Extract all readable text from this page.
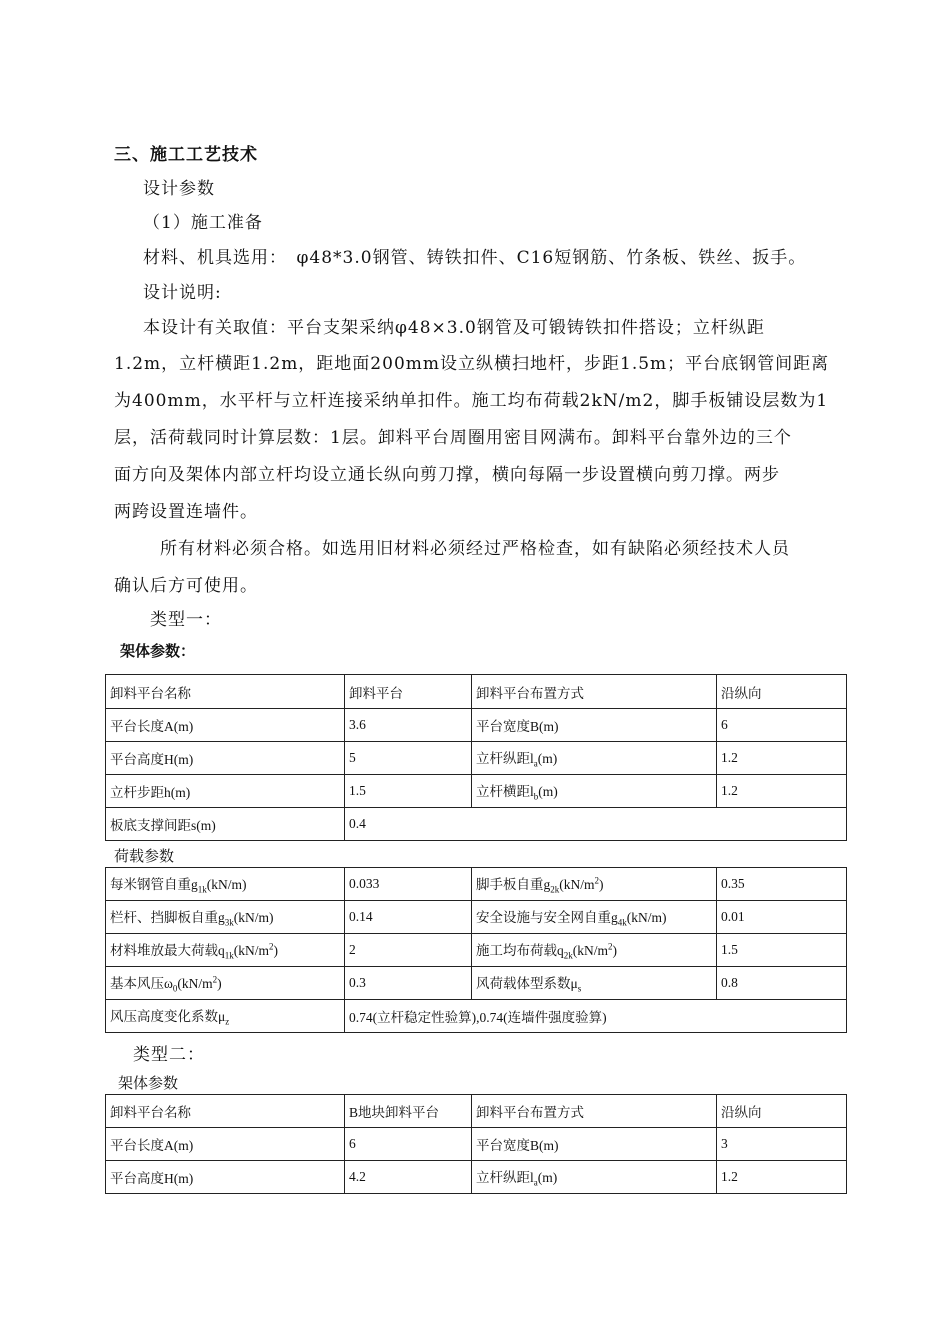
三、施工工艺技术
设计参数
（1）施工准备
材料、机具选用：　φ48*3.0钢管、铸铁扣件、C16短钢筋、竹条板、铁丝、扳手。
设计说明:
本设计有关取值：平台支架采纳φ48×3.0钢管及可锻铸铁扣件搭设；立杆纵距
1.2m，立杆横距1.2m，距地面200mm设立纵横扫地杆，步距1.5m；平台底钢管间距离
为400mm，水平杆与立杆连接采纳单扣件。施工均布荷载2kN/m2，脚手板铺设层数为1
层，活荷载同时计算层数：1层。卸料平台周圈用密目网满布。卸料平台靠外边的三个
面方向及架体内部立杆均设立通长纵向剪刀撑，横向每隔一步设置横向剪刀撑。两步
两跨设置连墙件。
所有材料必须合格。如选用旧材料必须经过严格检查，如有缺陷必须经技术人员
确认后方可使用。
类型一：
架体参数：
卸料平台名称	卸料平台	卸料平台布置方式	沿纵向
平台长度A(m)	3.6	平台宽度B(m)	6
平台高度H(m)	5	立杆纵距$l_a(m)$	1.2
立杆步距h(m)	1.5	立杆横距$l_b(m)$	1.2
板底支撑间距s(m)	0.4		
荷载参数
每米钢管自重$g_{1k}(kN/m)$	0.033	脚手板自重$g_{2k}(kN/m^2)$	0.35
栏杆、挡脚板自重$g_{3k}(kN/m)$	0.14	安全设施与安全网自重$g_{4k}(kN/m)$	0.01
材料堆放最大荷载$q_{1k}(kN/m^2)$	2	施工均布荷载$q_{2k}(kN/m^2)$	1.5
基本风压$\omega_0(kN/m^2)$	0.3	风荷载体型系数$\mu_s$	0.8
风压高度变化系数$\mu_z$	0.74(立杆稳定性验算),0.74(连墙件强度验算)		
类型二：
架体参数
卸料平台名称	B地块卸料平台	卸料平台布置方式	沿纵向
平台长度A(m)	6	平台宽度B(m)	3
平台高度H(m)	4.2	立杆纵距$l_a(m)$	1.2
